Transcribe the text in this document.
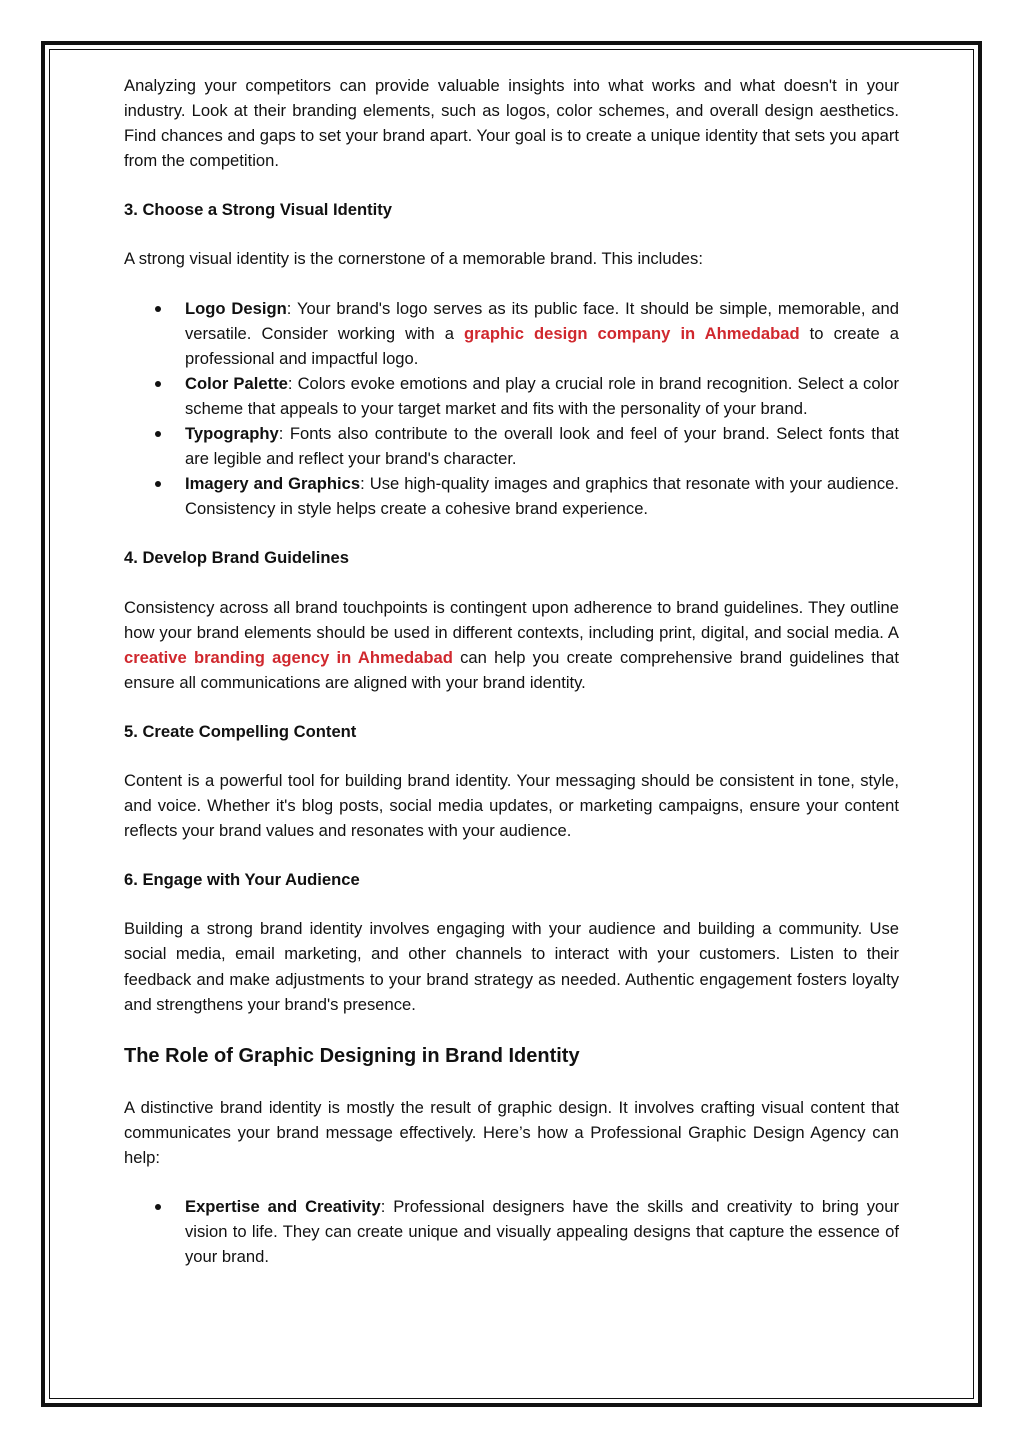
Analyzing your competitors can provide valuable insights into what works and what doesn't in your industry. Look at their branding elements, such as logos, color schemes, and overall design aesthetics. Find chances and gaps to set your brand apart. Your goal is to create a unique identity that sets you apart from the competition.

3. Choose a Strong Visual Identity

A strong visual identity is the cornerstone of a memorable brand. This includes:

Logo Design: Your brand's logo serves as its public face. It should be simple, memorable, and versatile. Consider working with a graphic design company in Ahmedabad to create a professional and impactful logo.
Color Palette: Colors evoke emotions and play a crucial role in brand recognition. Select a color scheme that appeals to your target market and fits with the personality of your brand.
Typography: Fonts also contribute to the overall look and feel of your brand. Select fonts that are legible and reflect your brand's character.
Imagery and Graphics: Use high-quality images and graphics that resonate with your audience. Consistency in style helps create a cohesive brand experience.
4. Develop Brand Guidelines

Consistency across all brand touchpoints is contingent upon adherence to brand guidelines. They outline how your brand elements should be used in different contexts, including print, digital, and social media. A creative branding agency in Ahmedabad can help you create comprehensive brand guidelines that ensure all communications are aligned with your brand identity.

5. Create Compelling Content

Content is a powerful tool for building brand identity. Your messaging should be consistent in tone, style, and voice. Whether it's blog posts, social media updates, or marketing campaigns, ensure your content reflects your brand values and resonates with your audience.

6. Engage with Your Audience

Building a strong brand identity involves engaging with your audience and building a community. Use social media, email marketing, and other channels to interact with your customers. Listen to their feedback and make adjustments to your brand strategy as needed. Authentic engagement fosters loyalty and strengthens your brand's presence.

The Role of Graphic Designing in Brand Identity

A distinctive brand identity is mostly the result of graphic design. It involves crafting visual content that communicates your brand message effectively. Here’s how a Professional Graphic Design Agency can help:

Expertise and Creativity: Professional designers have the skills and creativity to bring your vision to life. They can create unique and visually appealing designs that capture the essence of your brand.
